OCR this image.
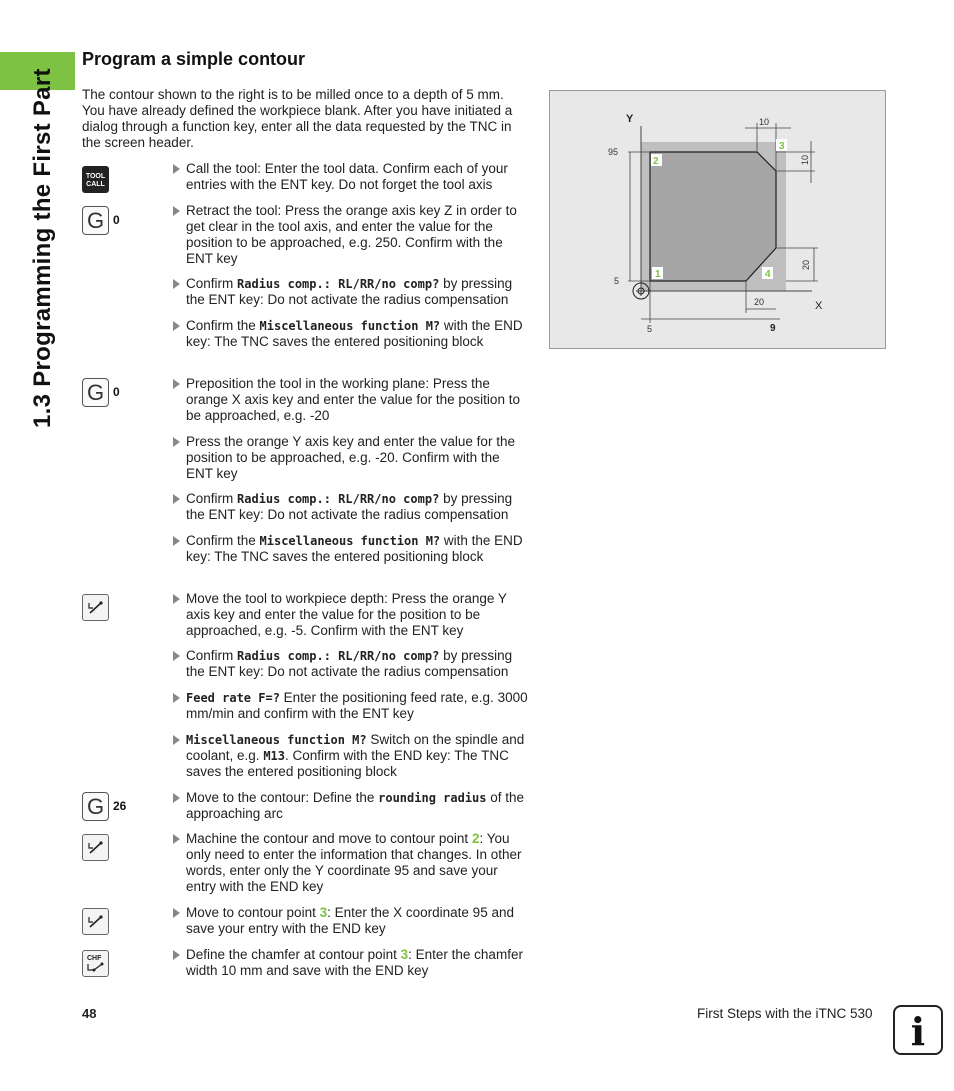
1.3 Programming the First Part
Program a simple contour

The contour shown to the right is to be milled once to a depth of 5 mm. You have already defined the workpiece blank. After you have initiated a dialog through a function key, enter all the data requested by the TNC in the screen header.

Y
X
95
5
5	9
10
10
20
20
2
3
1	4
TOOL
CALL
G 0
G 0
G 26
CHF
Call the tool: Enter the tool data. Confirm each of your entries with the ENT key. Do not forget the tool axis
Retract the tool: Press the orange axis key Z in order to get clear in the tool axis, and enter the value for the position to be approached, e.g. 250. Confirm with the ENT key
Confirm Radius comp.: RL/RR/no comp? by pressing the ENT key: Do not activate the radius compensation
Confirm the Miscellaneous function M? with the END key: The TNC saves the entered positioning block
Preposition the tool in the working plane: Press the orange X axis key and enter the value for the position to be approached, e.g. -20
Press the orange Y axis key and enter the value for the position to be approached, e.g. -20. Confirm with the ENT key
Confirm Radius comp.: RL/RR/no comp? by pressing the ENT key: Do not activate the radius compensation
Confirm the Miscellaneous function M? with the END key: The TNC saves the entered positioning block
Move the tool to workpiece depth: Press the orange Y axis key and enter the value for the position to be approached, e.g. -5. Confirm with the ENT key
Confirm Radius comp.: RL/RR/no comp? by pressing the ENT key: Do not activate the radius compensation
Feed rate F=? Enter the positioning feed rate, e.g. 3000 mm/min and confirm with the ENT key
Miscellaneous function M? Switch on the spindle and coolant, e.g. M13. Confirm with the END key: The TNC saves the entered positioning block
Move to the contour: Define the rounding radius of the approaching arc
Machine the contour and move to contour point 2: You only need to enter the information that changes. In other words, enter only the Y coordinate 95 and save your entry with the END key
Move to contour point 3: Enter the X coordinate 95 and save your entry with the END key
Define the chamfer at contour point 3: Enter the chamfer width 10 mm and save with the END key
48	First Steps with the iTNC 530 i
